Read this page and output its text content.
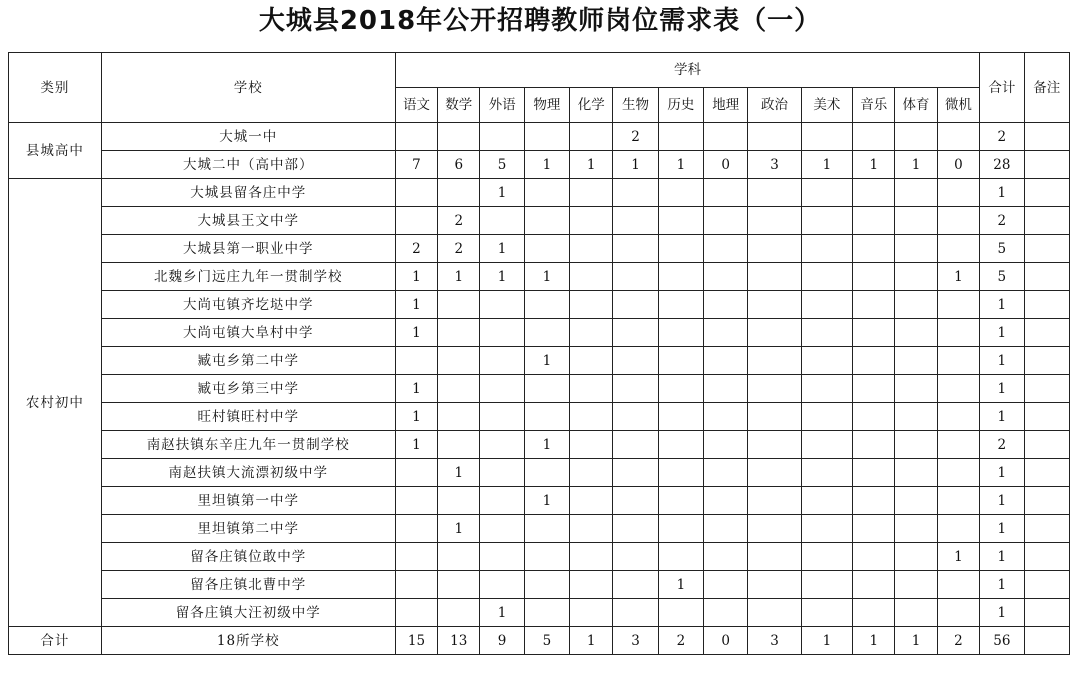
大城县2018年公开招聘教师岗位需求表（一）
类别	学校	学科													合计	备注
		语文	数学	外语	物理	化学	生物	历史	地理	政治	美术	音乐	体育	微机		
县城高中	大城一中						2								2	
	大城二中（高中部）	7	6	5	1	1	1	1	0	3	1	1	1	0	28	
农村初中	大城县留各庄中学			1											1	
	大城县王文中学		2												2	
	大城县第一职业中学	2	2	1											5	
	北魏乡门远庄九年一贯制学校	1	1	1	1									1	5	
	大尚屯镇齐圪垯中学	1													1	
	大尚屯镇大阜村中学	1													1	
	臧屯乡第二中学				1										1	
	臧屯乡第三中学	1													1	
	旺村镇旺村中学	1													1	
	南赵扶镇东辛庄九年一贯制学校	1			1										2	
	南赵扶镇大流漂初级中学		1												1	
	里坦镇第一中学				1										1	
	里坦镇第二中学		1												1	
	留各庄镇位敢中学													1	1	
	留各庄镇北曹中学							1							1	
	留各庄镇大汪初级中学			1											1	
合计	18所学校	15	13	9	5	1	3	2	0	3	1	1	1	2	56	
